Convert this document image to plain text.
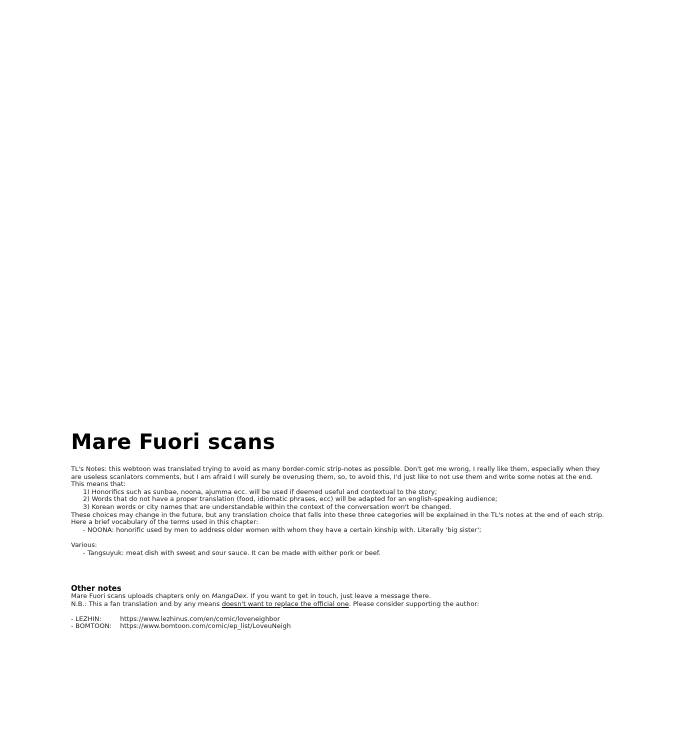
Mare Fuori scans
TL's Notes: this webtoon was translated trying to avoid as many border-comic strip-notes as possible. Don't get me wrong, I really like them, especially when they
are useless scanlators comments, but I am afraid I will surely be overusing them, so, to avoid this, I'd just like to not use them and write some notes at the end.
This means that:
1) Honorifics such as sunbae, noona, ajumma ecc. will be used if deemed useful and contextual to the story;
2) Words that do not have a proper translation (food, idiomatic phrases, ecc) will be adapted for an english-speaking audience;
3) Korean words or city names that are understandable within the context of the conversation won't be changed.
These choices may change in the future, but any translation choice that falls into these three categories will be explained in the TL's notes at the end of each strip.
Here a brief vocabulary of the terms used in this chapter:
- NOONA: honorific used by men to address older women with whom they have a certain kinship with. Literally 'big sister';
Various:
- Tangsuyuk: meat dish with sweet and sour sauce. It can be made with either pork or beef.
Other notes
Mare Fuori scans uploads chapters only on MangaDex. If you want to get in touch, just leave a message there.
N.B.: This a fan translation and by any means doesn't want to replace the official one. Please consider supporting the author:
- LEZHIN:	https://www.lezhinus.com/en/comic/loveneighbor
- BOMTOON:	https://www.bomtoon.com/comic/ep_list/LoveuNeigh
